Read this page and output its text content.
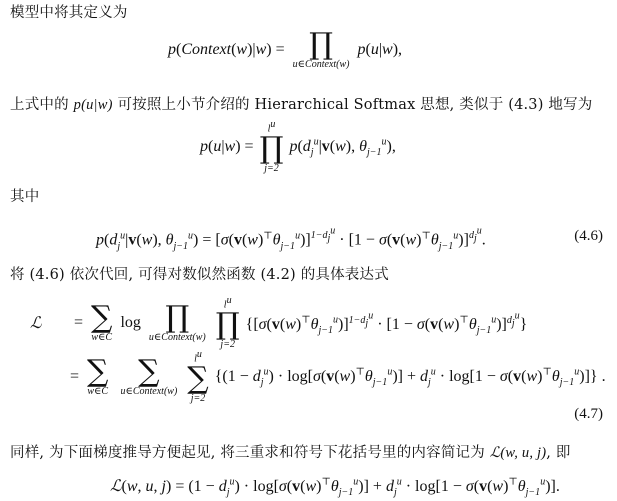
模型中将其定义为
p(Context(w)|w) = ∏
u∈Context(w)
p(u|w),
上式中的 p(u|w) 可按照上小节介绍的 Hierarchical Softmax 思想, 类似于 (4.3) 地写为
p(u|w) =
$l^u$
∏
j=2
$p(d_j^u|v(w)$, $\theta_{j-1}^u$),
其中
$p(d_j^u|v(w)$, $\theta_{j-1}^u) = [\sigma(v(w)^⊤\theta_{j-1}^u)]^{1-d_j^u} \cdot [1 - \sigma(v(w)^⊤\theta_{j-1}^u)]^{d_j^u}$.	(4.6)
将 (4.6) 依次代回, 可得对数似然函数 (4.2) 的具体表达式
ℒ = ∑
w∈C
log ∏
u∈Context(w)

$l^u$
∏
j=2
$\{[\sigma(v(w)^⊤\theta_{j-1}^u)]^{1-d_j^u} \cdot [1 - \sigma(v(w)^⊤\theta_{j-1}^u)]^{d_j^u}\}$
= ∑
w∈C

∑
u∈Context(w)

$l^u$
∑
j=2
$\{(1 - d_j^u) \cdot \log[\sigma(v(w)^⊤\theta_{j-1}^u)] + d_j^u \cdot \log[1 - \sigma(v(w)^⊤\theta_{j-1}^u)]\}$ .
(4.7)
同样, 为下面梯度推导方便起见, 将三重求和符号下花括号里的内容简记为 ℒ(w, u, j), 即
ℒ(w, u, $j) = (1 - d_j^u) \cdot \log[\sigma(v(w)^⊤\theta_{j-1}^u)] + d_j^u \cdot \log[1 - \sigma(v(w)^⊤\theta_{j-1}^u)]$.
